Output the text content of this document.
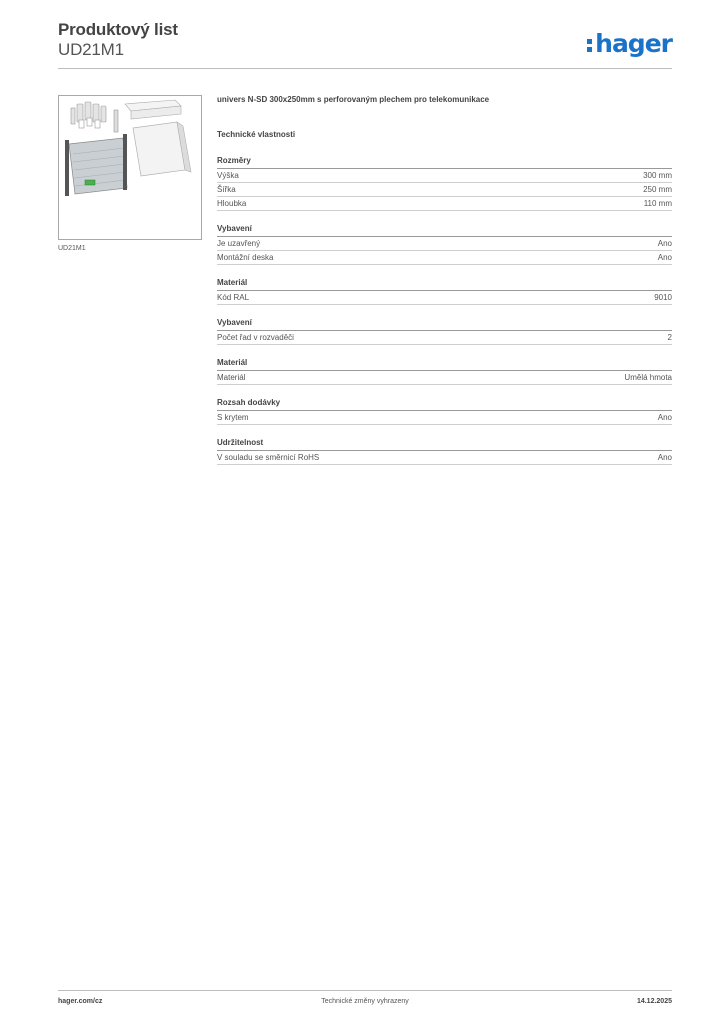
Produktový list
UD21M1	hager
UD21M1
univers N-SD 300x250mm s perforovaným plechem pro telekomunikace
Technické vlastnosti
Rozměry
Výška	300 mm
Šířka	250 mm
Hloubka	110 mm
Vybavení
Je uzavřený	Ano
Montážní deska	Ano
Materiál
Kód RAL	9010
Vybavení
Počet řad v rozvaděči	2
Materiál
Materiál	Umělá hmota
Rozsah dodávky
S krytem	Ano
Udržitelnost
V souladu se směrnicí RoHS	Ano
hager.com/cz	Technické změny vyhrazeny	14.12.2025
